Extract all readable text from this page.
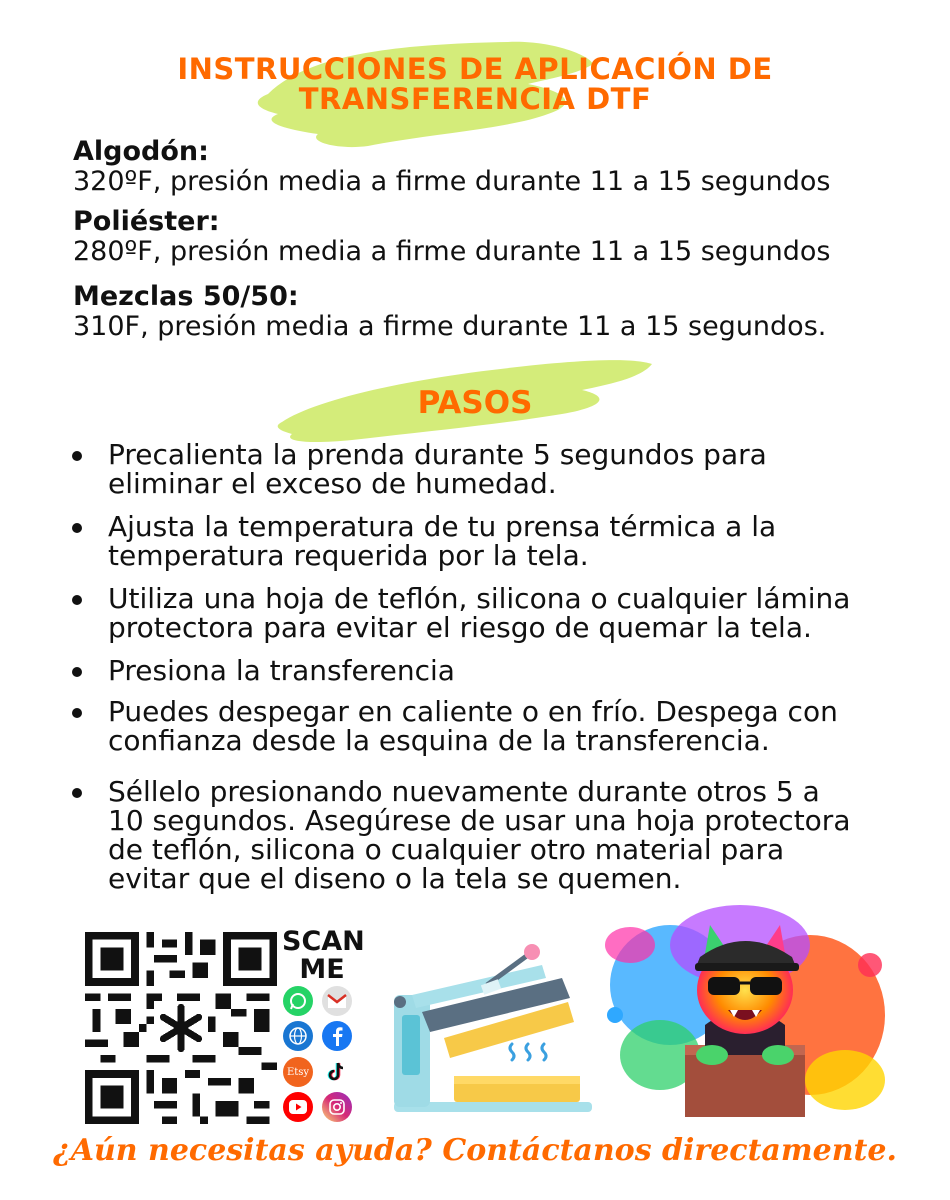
INSTRUCCIONES DE APLICACIÓN DE
TRANSFERENCIA DTF
Algodón:
320ºF, presión media a firme durante 11 a 15 segundos
Poliéster:
280ºF, presión media a firme durante 11 a 15 segundos
Mezclas 50/50:
310F, presión media a firme durante 11 a 15 segundos.
PASOS
Precalienta la prenda durante 5 segundos para
eliminar el exceso de humedad.
Ajusta la temperatura de tu prensa térmica a la
temperatura requerida por la tela.
Utiliza una hoja de teflón, silicona o cualquier lámina
protectora para evitar el riesgo de quemar la tela.
Presiona la transferencia
Puedes despegar en caliente o en frío. Despega con
confianza desde la esquina de la transferencia.
Séllelo presionando nuevamente durante otros 5 a
10 segundos. Asegúrese de usar una hoja protectora
de teflón, silicona o cualquier otro material para
evitar que el diseno o la tela se quemen.
SCAN
ME
Etsy
¿Aún necesitas ayuda? Contáctanos directamente.
